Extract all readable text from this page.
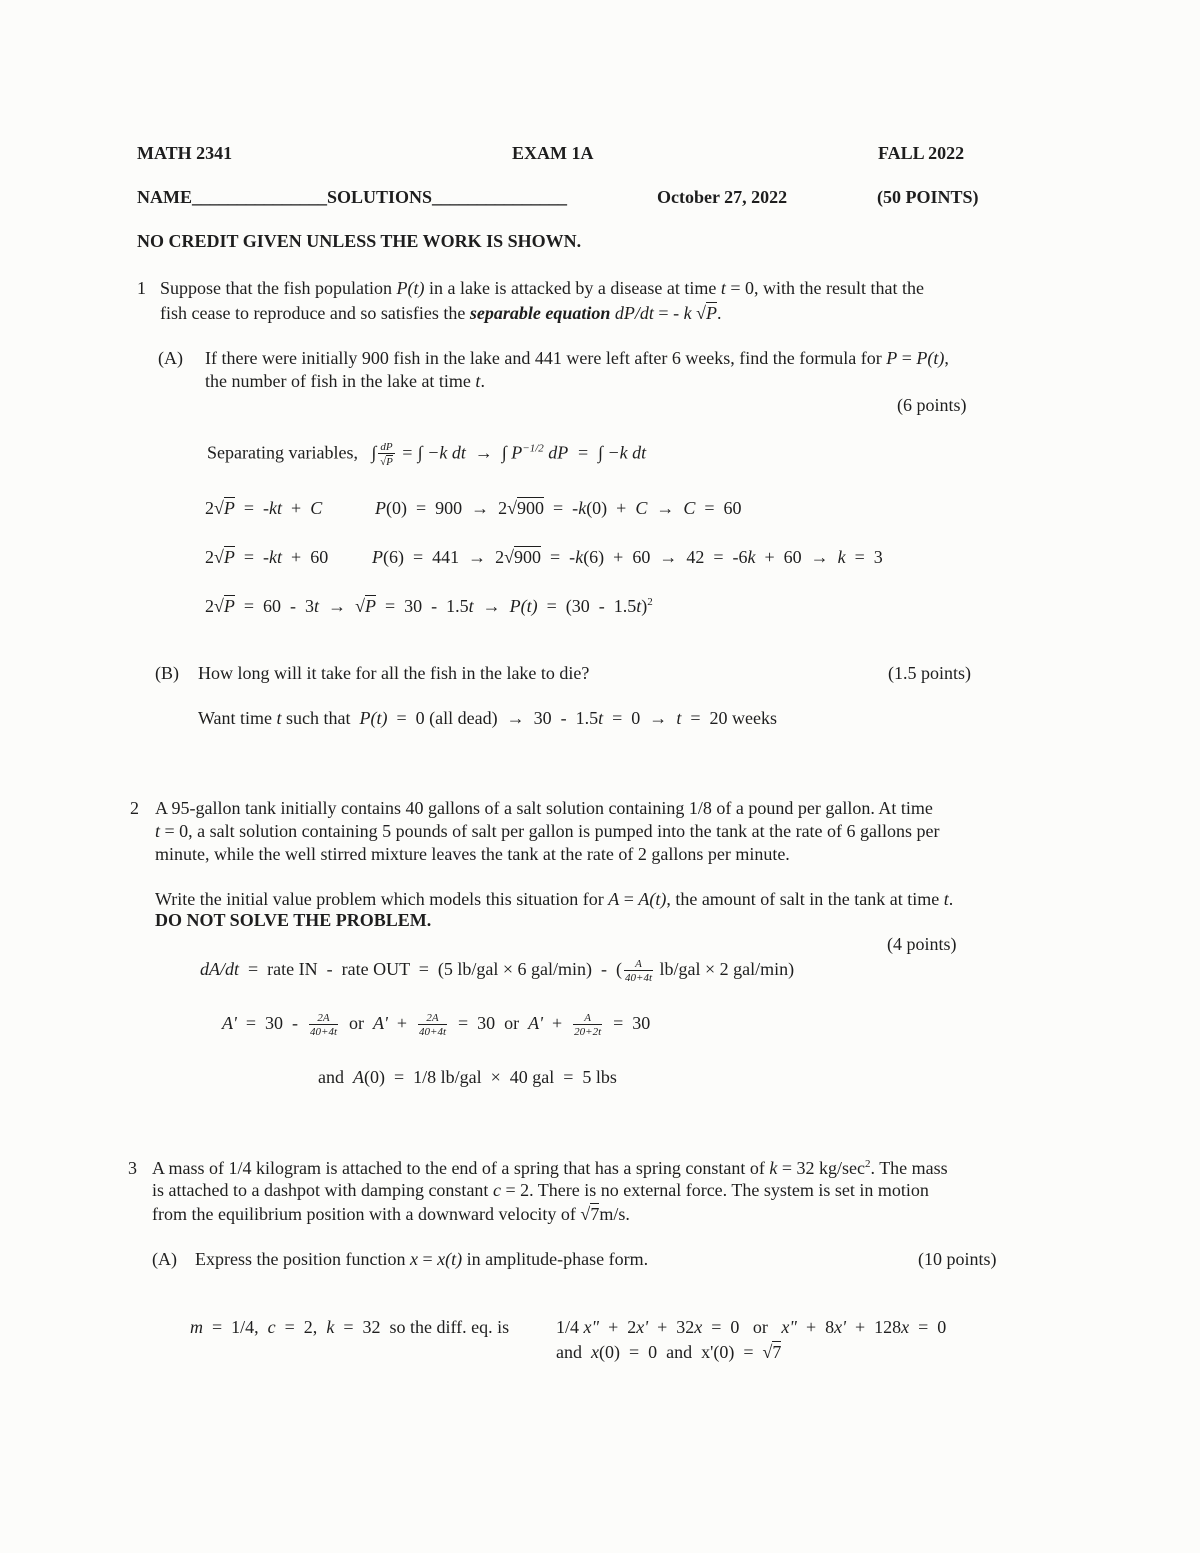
MATH 2341	EXAM 1A	FALL 2022
NAME_______________SOLUTIONS_______________	October 27, 2022	(50 POINTS)
NO CREDIT GIVEN UNLESS THE WORK IS SHOWN.
1 Suppose that the fish population P(t) in a lake is attacked by a disease at time t = 0, with the result that the
fish cease to reproduce and so satisfies the separable equation dP/dt = - k √P.
(A) If there were initially 900 fish in the lake and 441 were left after 6 weeks, find the formula for P = P(t),
the number of fish in the lake at time t.
(6 points)
Separating variables,   ∫ $\frac{dP}{√P}$ = ∫ −k dt  →  ∫ $P^{-1/2}$ dP  =  ∫ −k dt
2√P  =  -kt  +  C	P(0)  =  900  →  2√900  =  -k(0)  +  C  →  C  =  60
2√P  =  -kt  +  60 P(6)  =  441  →  2√900  =  -k(6)  +  60  →  42  =  -6k  +  60  →  k  =  3
2√P  =  60  -  3t  →  √P  =  30  -  1.5t  →  P(t)  =  (30  -  1.5t)$^2$
(B) How long will it take for all the fish in the lake to die?	(1.5 points)
Want time t such that  P(t)  =  0 (all dead)  →  30  -  1.5t  =  0  →  t  =  20 weeks
2 A 95-gallon tank initially contains 40 gallons of a salt solution containing 1/8 of a pound per gallon. At time
t = 0, a salt solution containing 5 pounds of salt per gallon is pumped into the tank at the rate of 6 gallons per
minute, while the well stirred mixture leaves the tank at the rate of 2 gallons per minute.
Write the initial value problem which models this situation for A = A(t), the amount of salt in the tank at time t.
DO NOT SOLVE THE PROBLEM.
(4 points)
dA/dt  =  rate IN  -  rate OUT  =  (5 lb/gal × 6 gal/min)  -  ( $\frac{A}{40+4t} lb/gal \times 2$ gal/min)
$A' = 30 - \frac{2A}{40+4t}$ or  $A' + \frac{2A}{40+4t} = 30$  or  $A' + \frac{A}{20+2t} = 30$
and  A(0)  =  1/8 lb/gal  ×  40 gal  =  5 lbs
3 A mass of 1/4 kilogram is attached to the end of a spring that has a spring constant of k = 32 $kg/\sec^2$. The mass
is attached to a dashpot with damping constant c = 2. There is no external force. The system is set in motion
from the equilibrium position with a downward velocity of √7m/s.
(A) Express the position function x = x(t) in amplitude-phase form.	(10 points)
m  =  1/4,  c  =  2,  k  =  32  so the diff. eq. is	1/4 x"  +  2x'  +  32x  =  0   or   x"  +  8x'  +  128x  =  0
and  x(0)  =  0  and  x'(0)  =  √7
